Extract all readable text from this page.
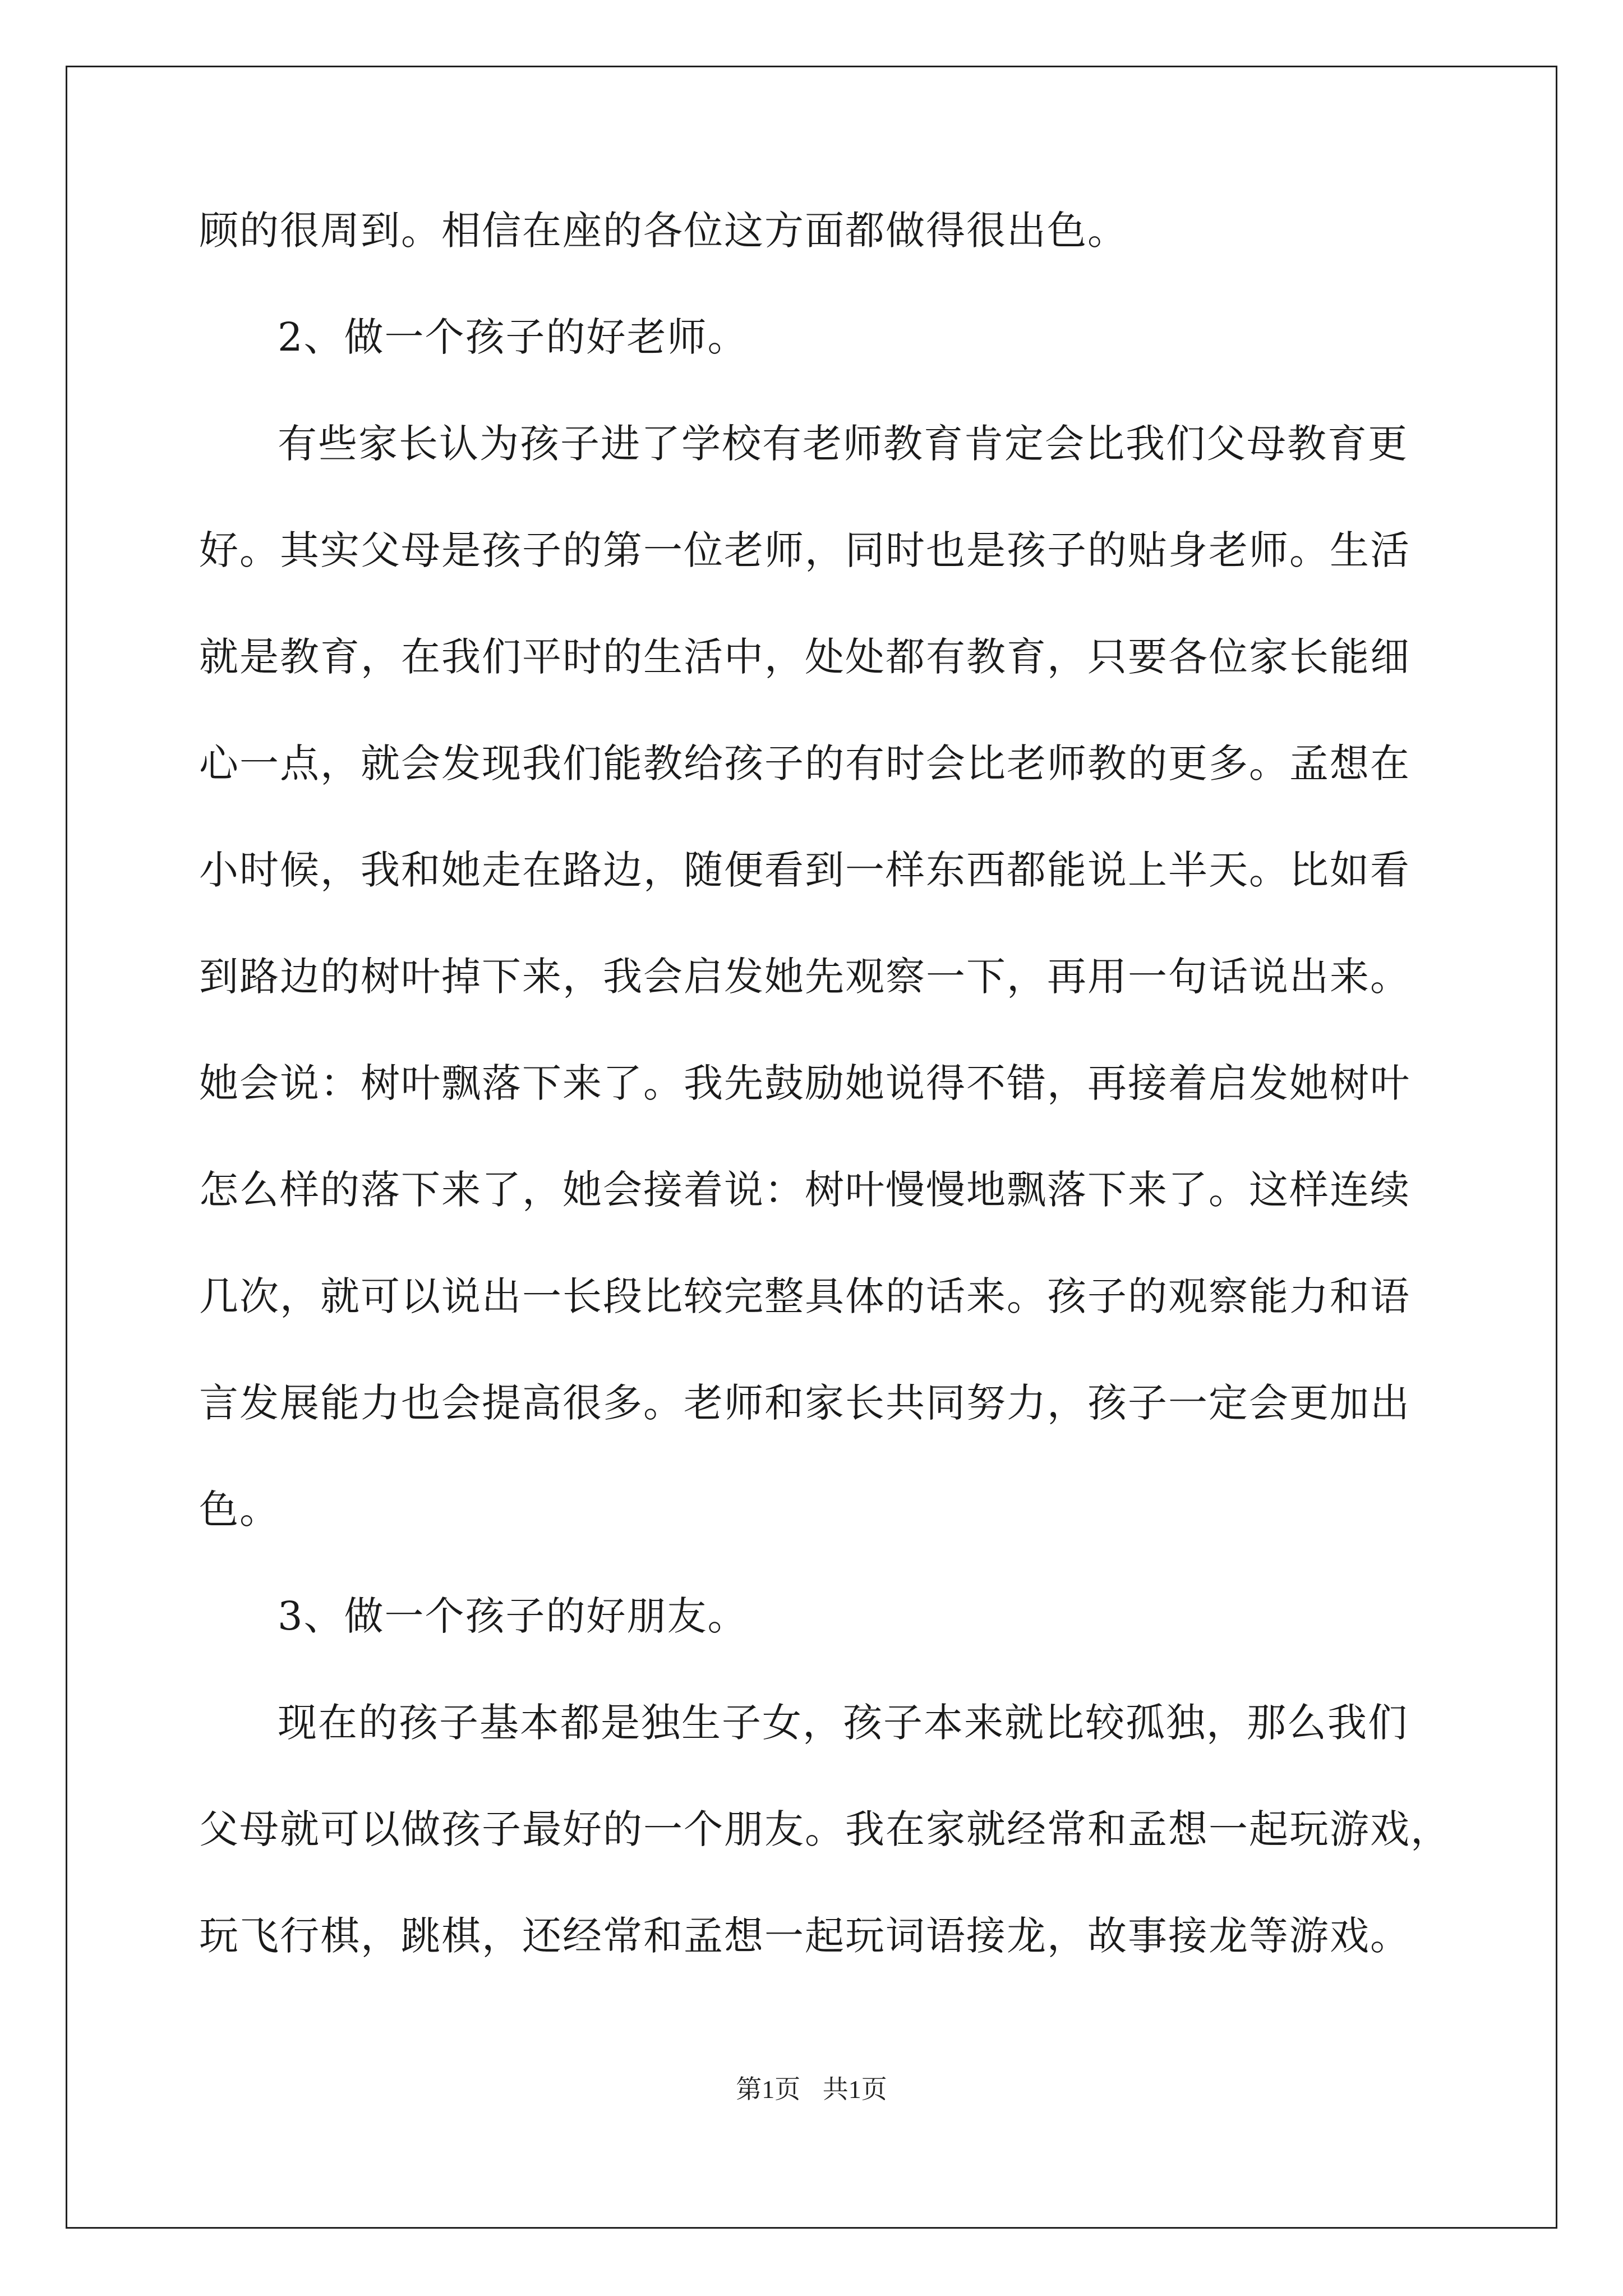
顾的很周到。相信在座的各位这方面都做得很出色。
2、做一个孩子的好老师。
有些家长认为孩子进了学校有老师教育肯定会比我们父母教育更
好。其实父母是孩子的第一位老师，同时也是孩子的贴身老师。生活
就是教育，在我们平时的生活中，处处都有教育，只要各位家长能细
心一点，就会发现我们能教给孩子的有时会比老师教的更多。孟想在
小时候，我和她走在路边，随便看到一样东西都能说上半天。比如看
到路边的树叶掉下来，我会启发她先观察一下，再用一句话说出来。
她会说：树叶飘落下来了。我先鼓励她说得不错，再接着启发她树叶
怎么样的落下来了，她会接着说：树叶慢慢地飘落下来了。这样连续
几次，就可以说出一长段比较完整具体的话来。孩子的观察能力和语
言发展能力也会提高很多。老师和家长共同努力，孩子一定会更加出
色。
3、做一个孩子的好朋友。
现在的孩子基本都是独生子女，孩子本来就比较孤独，那么我们
父母就可以做孩子最好的一个朋友。我在家就经常和孟想一起玩游戏，
玩飞行棋，跳棋，还经常和孟想一起玩词语接龙，故事接龙等游戏。
第1页 共1页
